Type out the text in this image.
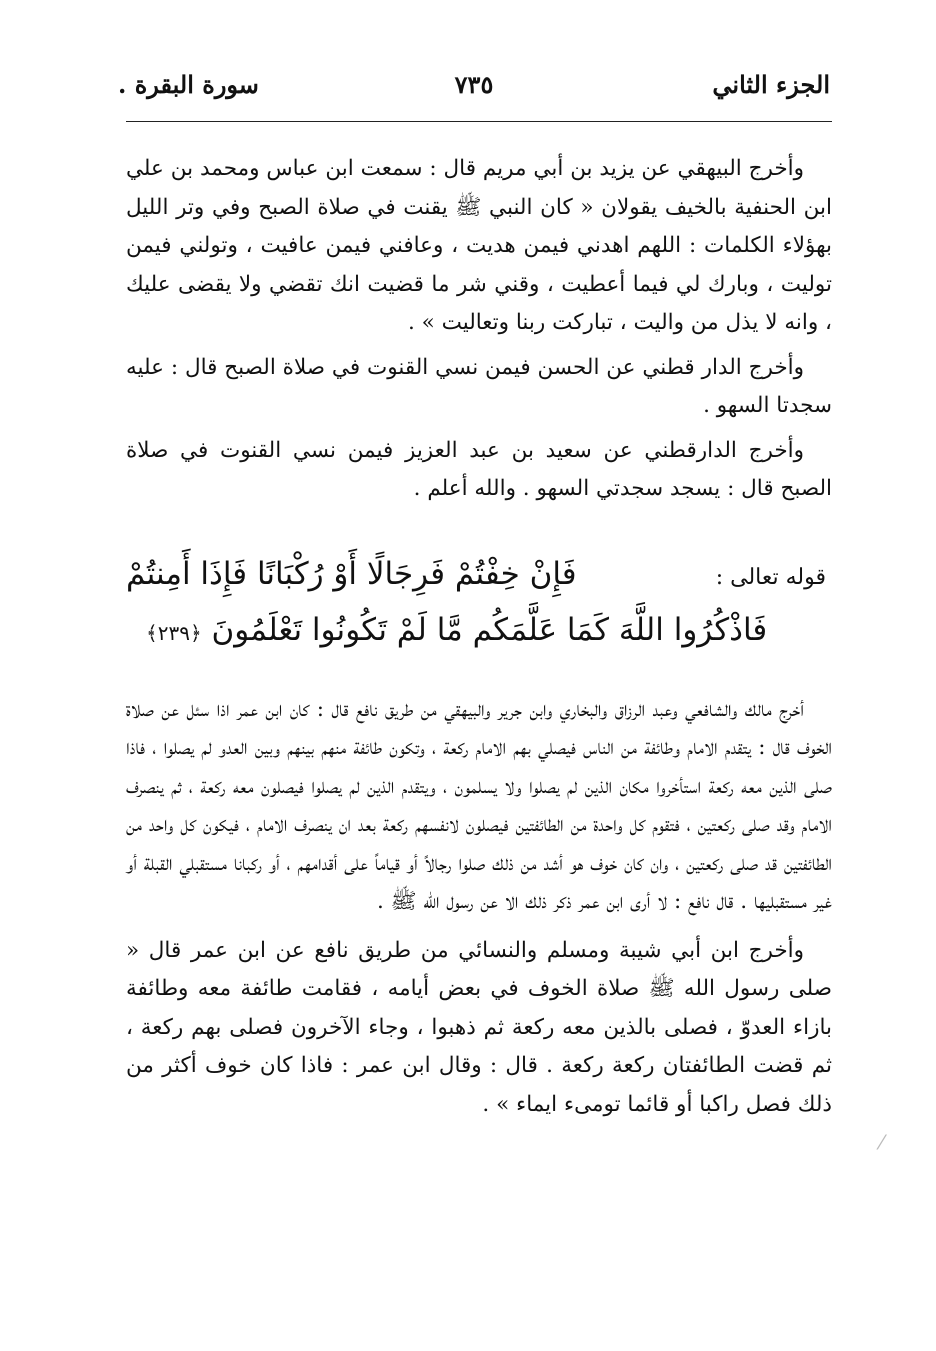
الجزء الثاني
٧٣٥
سورة البقرة .

وأخرج البيهقي عن يزيد بن أبي مريم قال : سمعت ابن عباس ومحمد بن علي ابن الحنفية بالخيف يقولان « كان النبي ﷺ يقنت في صلاة الصبح وفي وتر الليل بهؤلاء الكلمات : اللهم اهدني فيمن هديت ، وعافني فيمن عافيت ، وتولني فيمن توليت ، وبارك لي فيما أعطيت ، وقني شر ما قضيت انك تقضي ولا يقضى عليك ، وانه لا يذل من واليت ، تباركت ربنا وتعاليت » .

وأخرج الدار قطني عن الحسن فيمن نسي القنوت في صلاة الصبح قال : عليه سجدتا السهو .

وأخرج الدارقطني عن سعيد بن عبد العزيز فيمن نسي القنوت في صلاة الصبح قال : يسجد سجدتي السهو . والله أعلم .

قوله تعالى :
فَإِنْ خِفْتُمْ فَرِجَالًا أَوْ رُكْبَانًا فَإِذَا أَمِنتُمْ
فَاذْكُرُوا اللَّهَ كَمَا عَلَّمَكُم مَّا لَمْ تَكُونُوا تَعْلَمُونَ ﴿٢٣٩﴾

أخرج مالك والشافعي وعبد الرزاق والبخاري وابن جرير والبيهقي من طريق نافع قال : كان ابن عمر اذا سئل عن صلاة الخوف قال : يتقدم الامام وطائفة من الناس فيصلي بهم الامام ركعة ، وتكون طائفة منهم بينهم وبين العدو لم يصلوا ، فاذا صلى الذين معه ركعة استأخروا مكان الذين لم يصلوا ولا يسلمون ، ويتقدم الذين لم يصلوا فيصلون معه ركعة ، ثم ينصرف الامام وقد صلى ركعتين ، فتقوم كل واحدة من الطائفتين فيصلون لانفسهم ركعة بعد ان ينصرف الامام ، فيكون كل واحد من الطائفتين قد صلى ركعتين ، وان كان خوف هو أشد من ذلك صلوا رجالاً أو قياماً على أقدامهم ، أو ركبانا مستقبلي القبلة أو غير مستقبليها . قال نافع : لا أرى ابن عمر ذكر ذلك الا عن رسول الله ﷺ .

وأخرج ابن أبي شيبة ومسلم والنسائي من طريق نافع عن ابن عمر قال « صلى رسول الله ﷺ صلاة الخوف في بعض أيامه ، فقامت طائفة معه وطائفة بازاء العدوّ ، فصلى بالذين معه ركعة ثم ذهبوا ، وجاء الآخرون فصلى بهم ركعة ، ثم قضت الطائفتان ركعة ركعة . قال : وقال ابن عمر : فاذا كان خوف أكثر من ذلك فصل راكبا أو قائما تومىء ايماء » .

⁄
